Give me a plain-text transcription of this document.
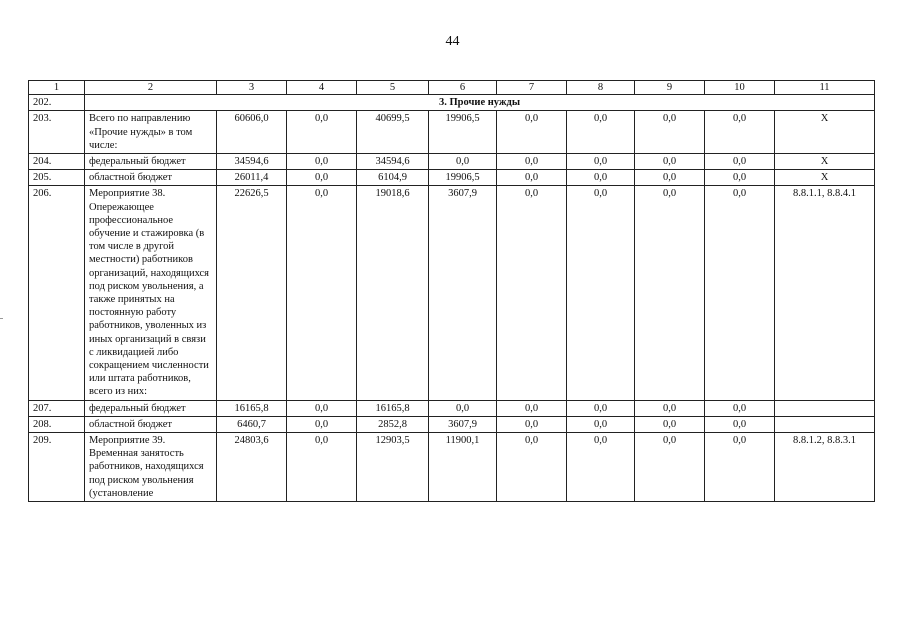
44
1	2	3	4	5	6	7	8	9	10	11
202.	3. Прочие нужды									
203.	Всего по направлению «Прочие нужды» в том числе:	60606,0	0,0	40699,5	19906,5	0,0	0,0	0,0	0,0	X
204.	федеральный бюджет	34594,6	0,0	34594,6	0,0	0,0	0,0	0,0	0,0	X
205.	областной бюджет	26011,4	0,0	6104,9	19906,5	0,0	0,0	0,0	0,0	X
206.	Мероприятие 38. Опережающее профессиональное обучение и стажировка (в том числе в другой местности) работников организаций, находящихся под риском увольнения, а также принятых на постоянную работу работников, уволенных из иных организаций в связи с ликвидацией либо сокращением численности или штата работников, всего из них:	22626,5	0,0	19018,6	3607,9	0,0	0,0	0,0	0,0	8.8.1.1, 8.8.4.1
207.	федеральный бюджет	16165,8	0,0	16165,8	0,0	0,0	0,0	0,0	0,0	
208.	областной бюджет	6460,7	0,0	2852,8	3607,9	0,0	0,0	0,0	0,0	
209.	Мероприятие 39. Временная занятость работников, находящихся под риском увольнения (установление	24803,6	0,0	12903,5	11900,1	0,0	0,0	0,0	0,0	8.8.1.2, 8.8.3.1
